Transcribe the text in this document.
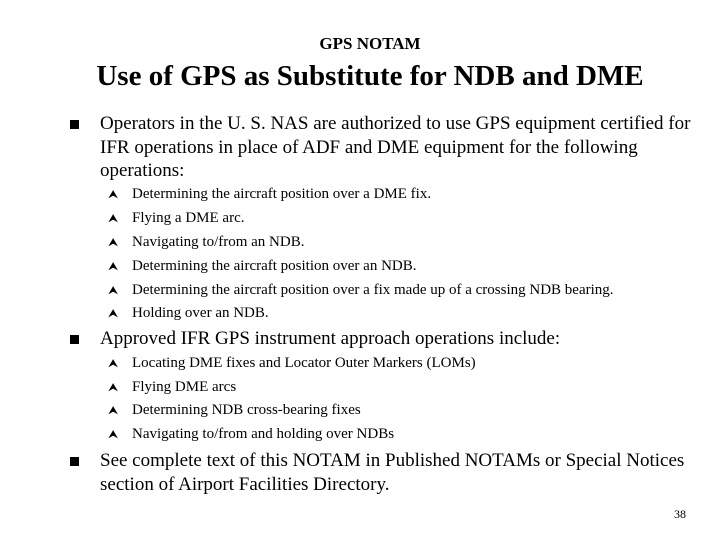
GPS NOTAM
Use of GPS as Substitute for NDB and DME
Operators in the U. S. NAS are authorized to use GPS equipment certified for IFR operations in place of ADF and DME equipment for the following operations:
⮝ Determining the aircraft position over a DME fix.
⮝ Flying a DME arc.
⮝ Navigating to/from an NDB.
⮝ Determining the aircraft position over an NDB.
⮝ Determining the aircraft position over a fix made up of a crossing NDB bearing.
⮝ Holding over an NDB.
Approved IFR GPS instrument approach operations include:
⮝ Locating DME fixes and Locator Outer Markers (LOMs)
⮝ Flying DME arcs
⮝ Determining NDB cross-bearing fixes
⮝ Navigating to/from and holding over NDBs
See complete text of this NOTAM in Published NOTAMs or Special Notices section of Airport Facilities Directory.
38
